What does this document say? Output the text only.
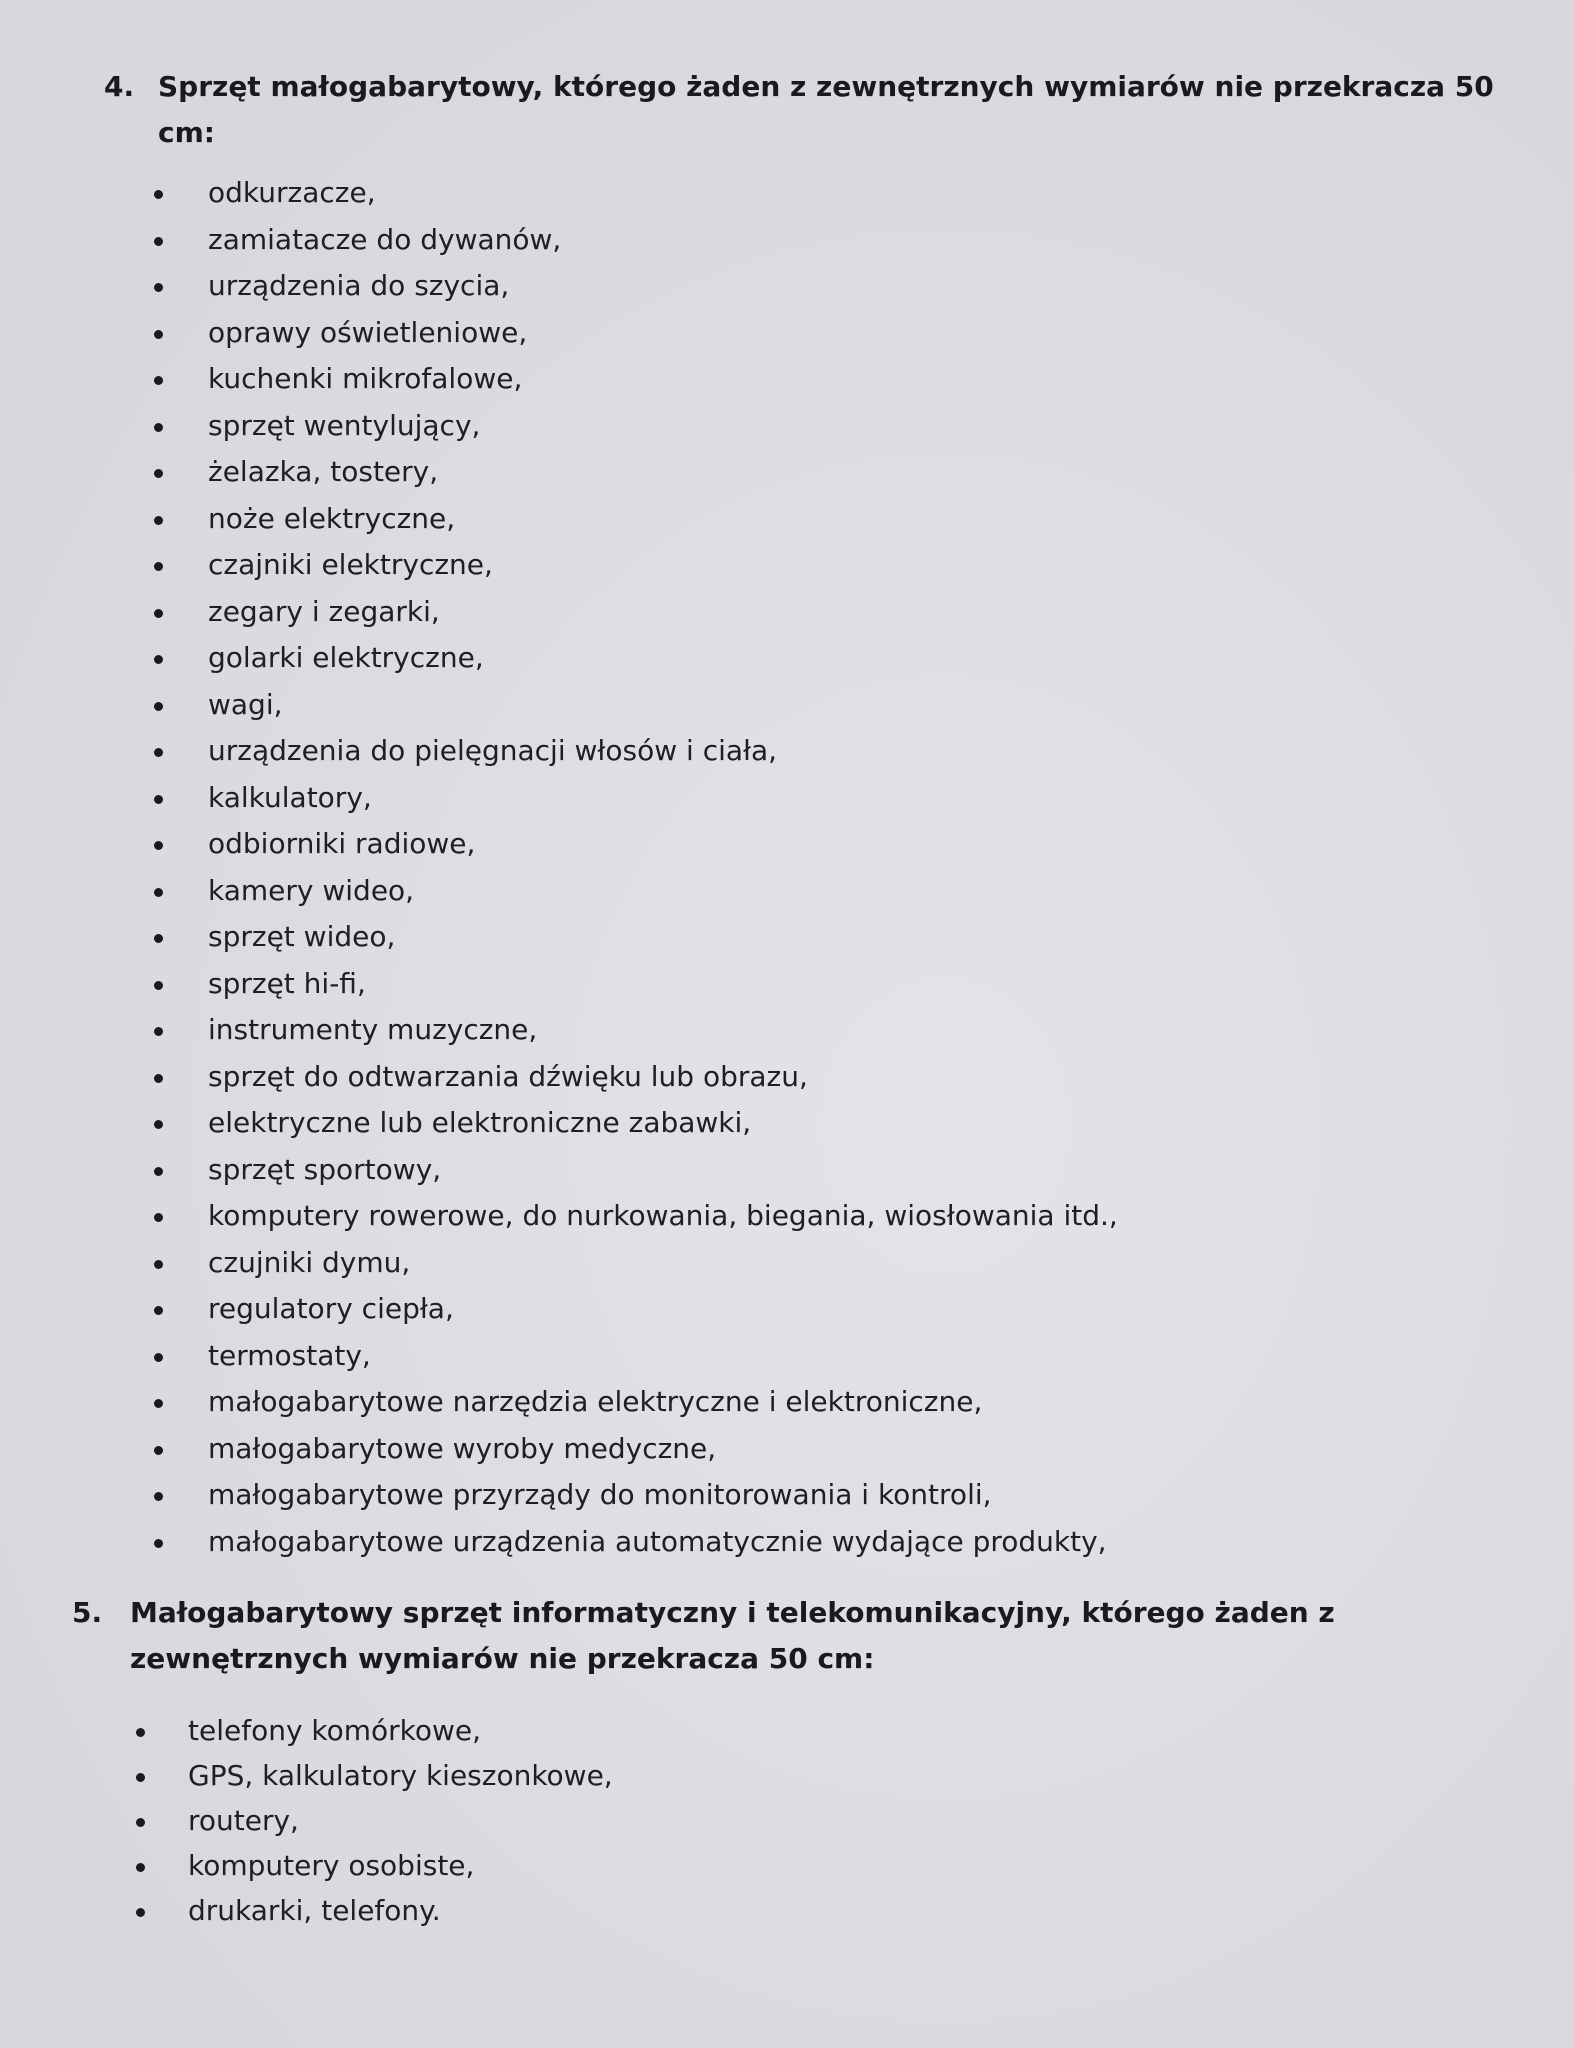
4. Sprzęt małogabarytowy, którego żaden z zewnętrznych wymiarów nie przekracza 50 cm:
odkurzacze,
zamiatacze do dywanów,
urządzenia do szycia,
oprawy oświetleniowe,
kuchenki mikrofalowe,
sprzęt wentylujący,
żelazka, tostery,
noże elektryczne,
czajniki elektryczne,
zegary i zegarki,
golarki elektryczne,
wagi,
urządzenia do pielęgnacji włosów i ciała,
kalkulatory,
odbiorniki radiowe,
kamery wideo,
sprzęt wideo,
sprzęt hi-fi,
instrumenty muzyczne,
sprzęt do odtwarzania dźwięku lub obrazu,
elektryczne lub elektroniczne zabawki,
sprzęt sportowy,
komputery rowerowe, do nurkowania, biegania, wiosłowania itd.,
czujniki dymu,
regulatory ciepła,
termostaty,
małogabarytowe narzędzia elektryczne i elektroniczne,
małogabarytowe wyroby medyczne,
małogabarytowe przyrządy do monitorowania i kontroli,
małogabarytowe urządzenia automatycznie wydające produkty,
5. Małogabarytowy sprzęt informatyczny i telekomunikacyjny, którego żaden z zewnętrznych wymiarów nie przekracza 50 cm:
telefony komórkowe,
GPS, kalkulatory kieszonkowe,
routery,
komputery osobiste,
drukarki, telefony.
